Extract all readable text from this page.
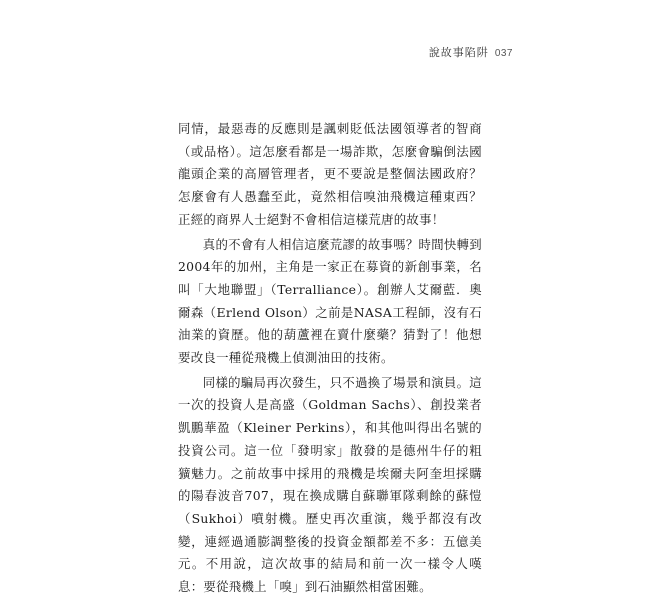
說故事陷阱 037

同情，最惡毒的反應則是諷刺貶低法國領導者的智商（或品格）。這怎麼看都是一場詐欺，怎麼會騙倒法國龍頭企業的高層管理者，更不要說是整個法國政府？怎麼會有人愚蠢至此，竟然相信嗅油飛機這種東西？正經的商界人士絕對不會相信這樣荒唐的故事！

真的不會有人相信這麼荒謬的故事嗎？時間快轉到2004年的加州，主角是一家正在募資的新創事業，名叫「大地聯盟」（Terralliance）。創辦人艾爾藍．奧爾森（Erlend Olson）之前是NASA工程師，沒有石油業的資歷。他的葫蘆裡在賣什麼藥？猜對了！他想要改良一種從飛機上偵測油田的技術。

同樣的騙局再次發生，只不過換了場景和演員。這一次的投資人是高盛（Goldman Sachs）、創投業者凱鵬華盈（Kleiner Perkins），和其他叫得出名號的投資公司。這一位「發明家」散發的是德州牛仔的粗獷魅力。之前故事中採用的飛機是埃爾夫阿奎坦採購的陽春波音707，現在換成購自蘇聯軍隊剩餘的蘇愷（Sukhoi）噴射機。歷史再次重演，幾乎都沒有改變，連經過通膨調整後的投資金額都差不多：五億美元。不用說，這次故事的結局和前一次一樣令人嘆息：要從飛機上「嗅」到石油顯然相當困難。
